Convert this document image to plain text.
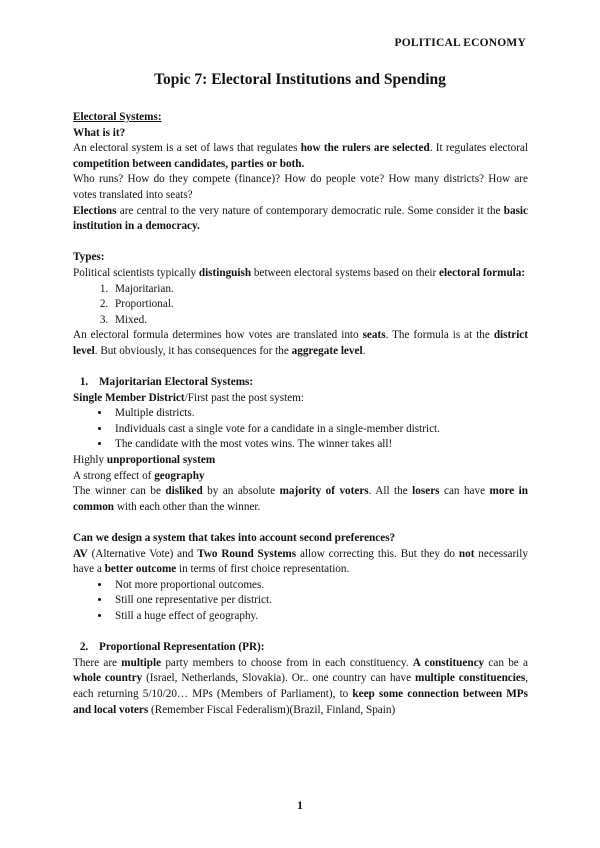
POLITICAL ECONOMY
Topic 7: Electoral Institutions and Spending

Electoral Systems:

What is it?

An electoral system is a set of laws that regulates how the rulers are selected. It regulates electoral competition between candidates, parties or both.

Who runs? How do they compete (finance)? How do people vote? How many districts? How are votes translated into seats?

Elections are central to the very nature of contemporary democratic rule. Some consider it the basic institution in a democracy.

Types:

Political scientists typically distinguish between electoral systems based on their electoral formula:

1. Majoritarian.
2. Proportional.
3. Mixed.

An electoral formula determines how votes are translated into seats. The formula is at the district level. But obviously, it has consequences for the aggregate level.

1. Majoritarian Electoral Systems:

Single Member District/First past the post system:

• Multiple districts.
• Individuals cast a single vote for a candidate in a single-member district.
• The candidate with the most votes wins. The winner takes all!

Highly unproportional system

A strong effect of geography

The winner can be disliked by an absolute majority of voters. All the losers can have more in common with each other than the winner.

Can we design a system that takes into account second preferences?

AV (Alternative Vote) and Two Round Systems allow correcting this. But they do not necessarily have a better outcome in terms of first choice representation.

• Not more proportional outcomes.
• Still one representative per district.
• Still a huge effect of geography.
2. Proportional Representation (PR):

There are multiple party members to choose from in each constituency. A constituency can be a whole country (Israel, Netherlands, Slovakia). Or.. one country can have multiple constituencies, each returning 5/10/20… MPs (Members of Parliament), to keep some connection between MPs and local voters (Remember Fiscal Federalism)(Brazil, Finland, Spain)

1
